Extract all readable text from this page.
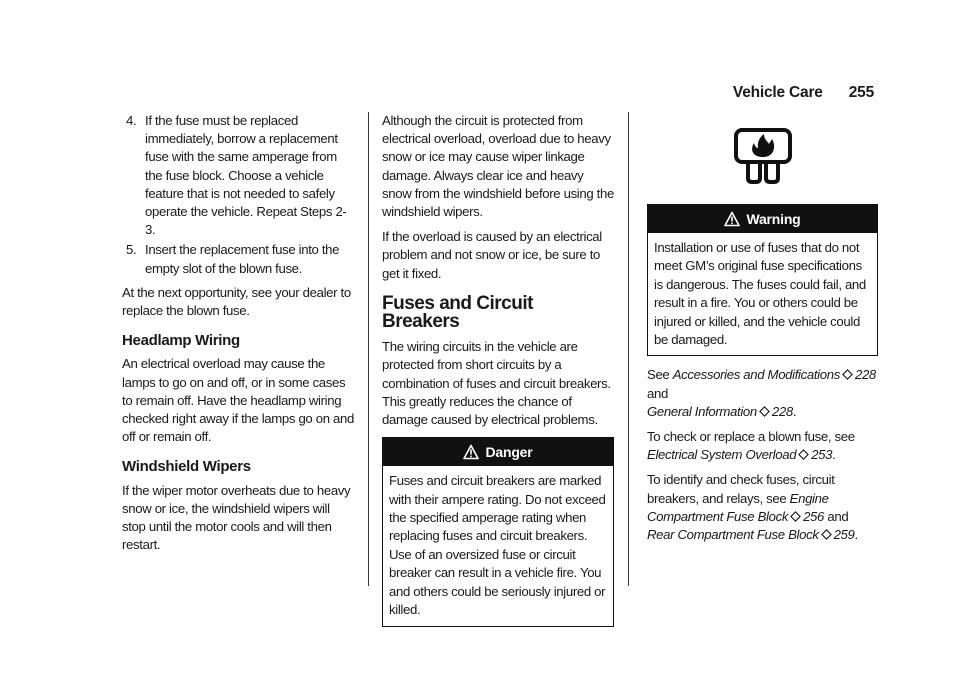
Vehicle Care 255
4. If the fuse must be replaced immediately, borrow a replacement fuse with the same amperage from the fuse block. Choose a vehicle feature that is not needed to safely operate the vehicle. Repeat Steps 2-3.
5. Insert the replacement fuse into the empty slot of the blown fuse.

At the next opportunity, see your dealer to replace the blown fuse.

Headlamp Wiring

An electrical overload may cause the lamps to go on and off, or in some cases to remain off. Have the headlamp wiring checked right away if the lamps go on and off or remain off.

Windshield Wipers

If the wiper motor overheats due to heavy snow or ice, the windshield wipers will stop until the motor cools and will then restart.

Although the circuit is protected from electrical overload, overload due to heavy snow or ice may cause wiper linkage damage. Always clear ice and heavy snow from the windshield before using the windshield wipers.

If the overload is caused by an electrical problem and not snow or ice, be sure to get it fixed.

Fuses and Circuit Breakers

The wiring circuits in the vehicle are protected from short circuits by a combination of fuses and circuit breakers. This greatly reduces the chance of damage caused by electrical problems.

Danger
Fuses and circuit breakers are marked with their ampere rating. Do not exceed the specified amperage rating when replacing fuses and circuit breakers. Use of an oversized fuse or circuit breaker can result in a vehicle fire. You and others could be seriously injured or killed.
Warning
Installation or use of fuses that do not meet GM’s original fuse specifications is dangerous. The fuses could fail, and result in a fire. You or others could be injured or killed, and the vehicle could be damaged.

See Accessories and Modifications 228 and
General Information 228.

To check or replace a blown fuse, see
Electrical System Overload 253.

To identify and check fuses, circuit breakers, and relays, see Engine Compartment Fuse Block 256 and
Rear Compartment Fuse Block 259.
